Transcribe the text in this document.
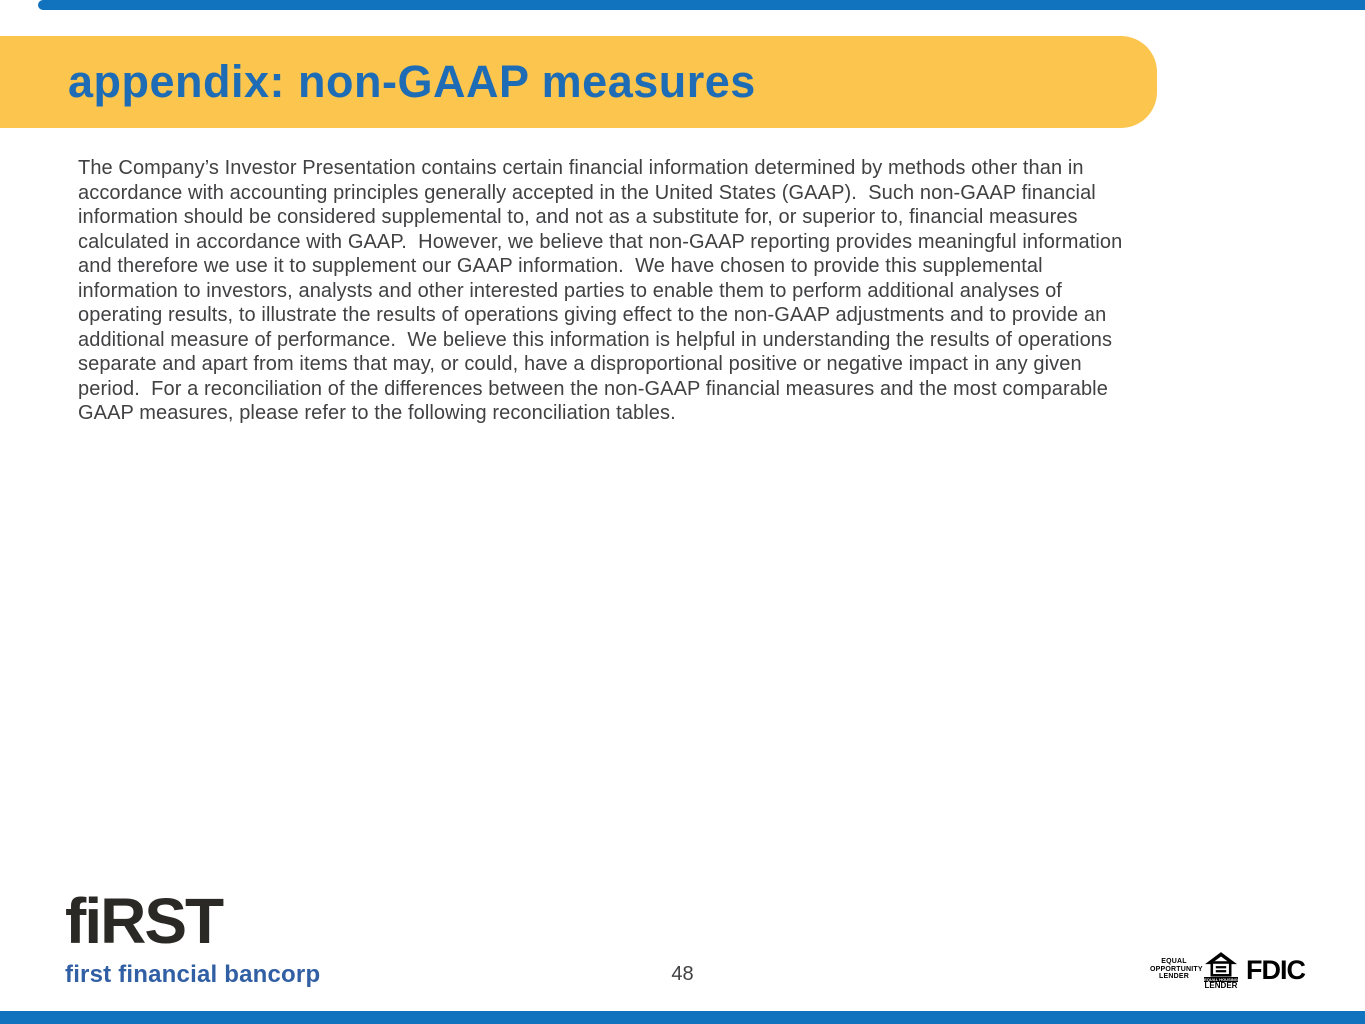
appendix: non-GAAP measures
The Company’s Investor Presentation contains certain financial information determined by methods other than in
accordance with accounting principles generally accepted in the United States (GAAP).  Such non-GAAP financial
information should be considered supplemental to, and not as a substitute for, or superior to, financial measures
calculated in accordance with GAAP.  However, we believe that non-GAAP reporting provides meaningful information
and therefore we use it to supplement our GAAP information.  We have chosen to provide this supplemental
information to investors, analysts and other interested parties to enable them to perform additional analyses of
operating results, to illustrate the results of operations giving effect to the non-GAAP adjustments and to provide an
additional measure of performance.  We believe this information is helpful in understanding the results of operations
separate and apart from items that may, or could, have a disproportional positive or negative impact in any given
period.  For a reconciliation of the differences between the non-GAAP financial measures and the most comparable
GAAP measures, please refer to the following reconciliation tables.
fiRST
first financial bancorp	48
EQUAL
OPPORTUNITY
LENDER	EQUAL HOUSING
LENDER
FDIC
